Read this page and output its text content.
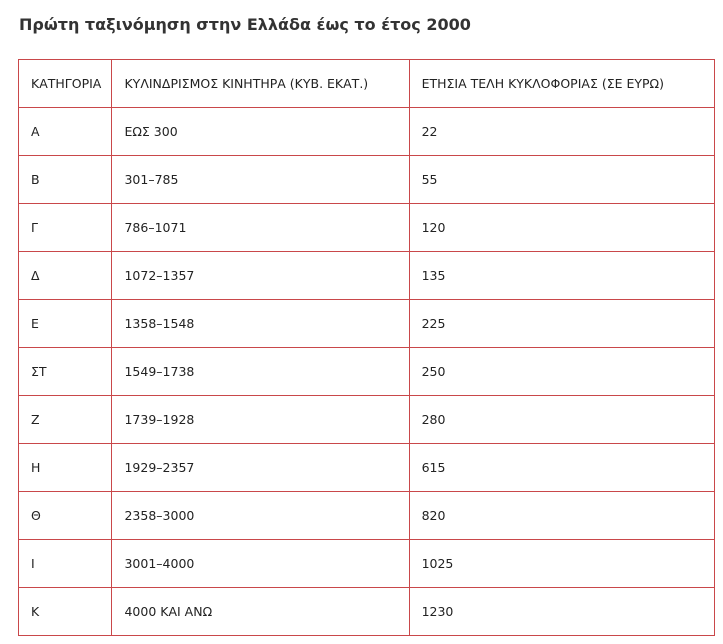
Πρώτη ταξινόμηση στην Ελλάδα έως το έτος 2000
ΚΑΤΗΓΟΡΙΑ	ΚΥΛΙΝΔΡΙΣΜΟΣ ΚΙΝΗΤΗΡΑ (ΚΥΒ. ΕΚΑΤ.)	ΕΤΗΣΙΑ ΤΕΛΗ ΚΥΚΛΟΦΟΡΙΑΣ (ΣΕ ΕΥΡΩ)
Α	ΕΩΣ 300	22
Β	301–785	55
Γ	786–1071	120
Δ	1072–1357	135
Ε	1358–1548	225
ΣΤ	1549–1738	250
Ζ	1739–1928	280
Η	1929–2357	615
Θ	2358–3000	820
Ι	3001–4000	1025
Κ	4000 ΚΑΙ ΑΝΩ	1230
